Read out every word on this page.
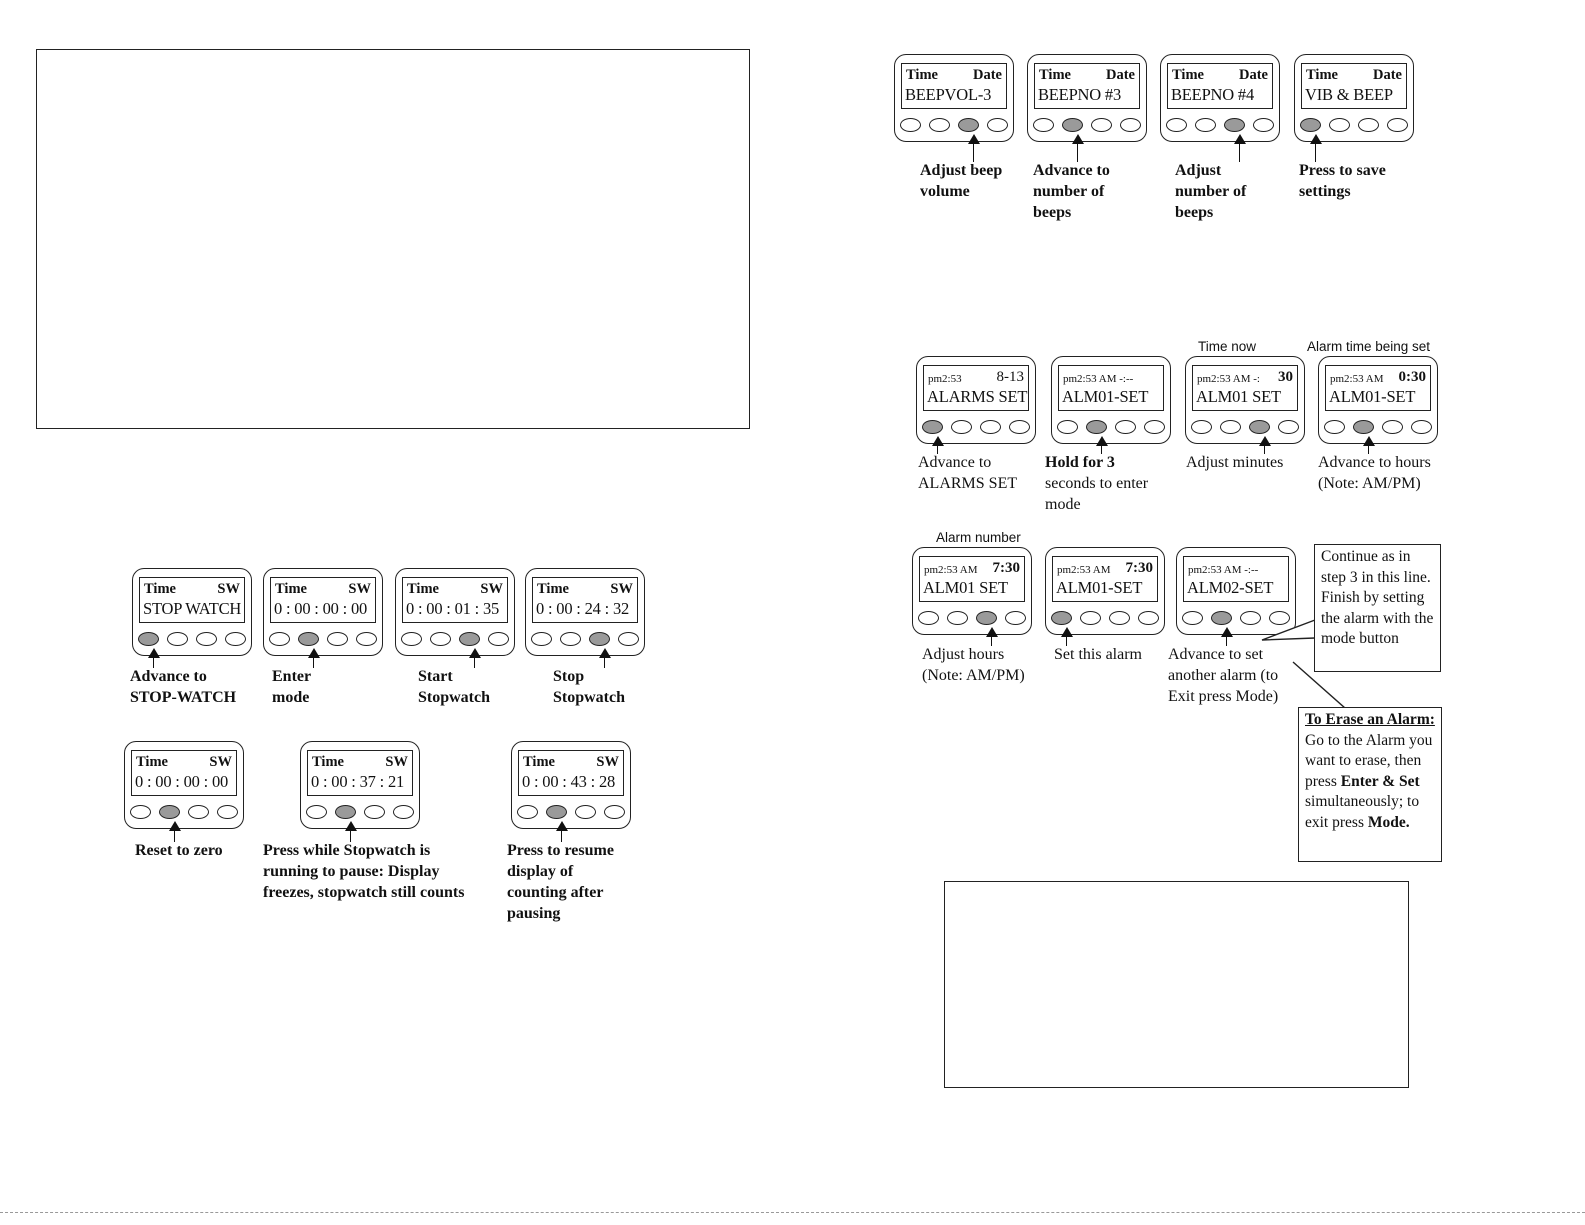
Time	SW
STOP WATCH
Advance to
STOP-WATCH
Time	SW
0 : 00 : 00 : 00
Enter
mode
Time	SW
0 : 00 : 01 : 35
Start
Stopwatch
Time	SW
0 : 00 : 24 : 32
Stop
Stopwatch
Time	SW
0 : 00 : 00 : 00
Reset to zero
Time	SW
0 : 00 : 37 : 21
Press while Stopwatch is
running to pause: Display
freezes, stopwatch still counts
Time	SW
0 : 00 : 43 : 28
Press to resume
display of
counting after
pausing
Time Date
BEEPVOL-3
Adjust beep
volume
Time Date
BEEPNO #3
Advance to
number of
beeps
Time Date
BEEPNO #4
Adjust
number of
beeps
Time Date
VIB & BEEP
Press to save
settings
Time now	Alarm time being set
Alarm number
pm2:53 8-13
ALARMS SET
Advance to
ALARMS SET
pm2:53 AM -:--
ALM01-SET
Hold for 3
seconds to enter
mode
pm2:53 AM -: 30
ALM01 SET
Adjust minutes
pm2:53 AM 0:30
ALM01-SET
Advance to hours
(Note: AM/PM)
pm2:53 AM 7:30
ALM01 SET
Adjust hours
(Note: AM/PM)
pm2:53 AM 7:30
ALM01-SET
Set this alarm
pm2:53 AM -:--
ALM02-SET
Advance to set
another alarm (to
Exit press Mode)
Continue as in step 3 in this line. Finish by setting the alarm with the mode button
To Erase an Alarm: Go to the Alarm you want to erase, then press Enter & Set simultaneously; to exit press Mode.
